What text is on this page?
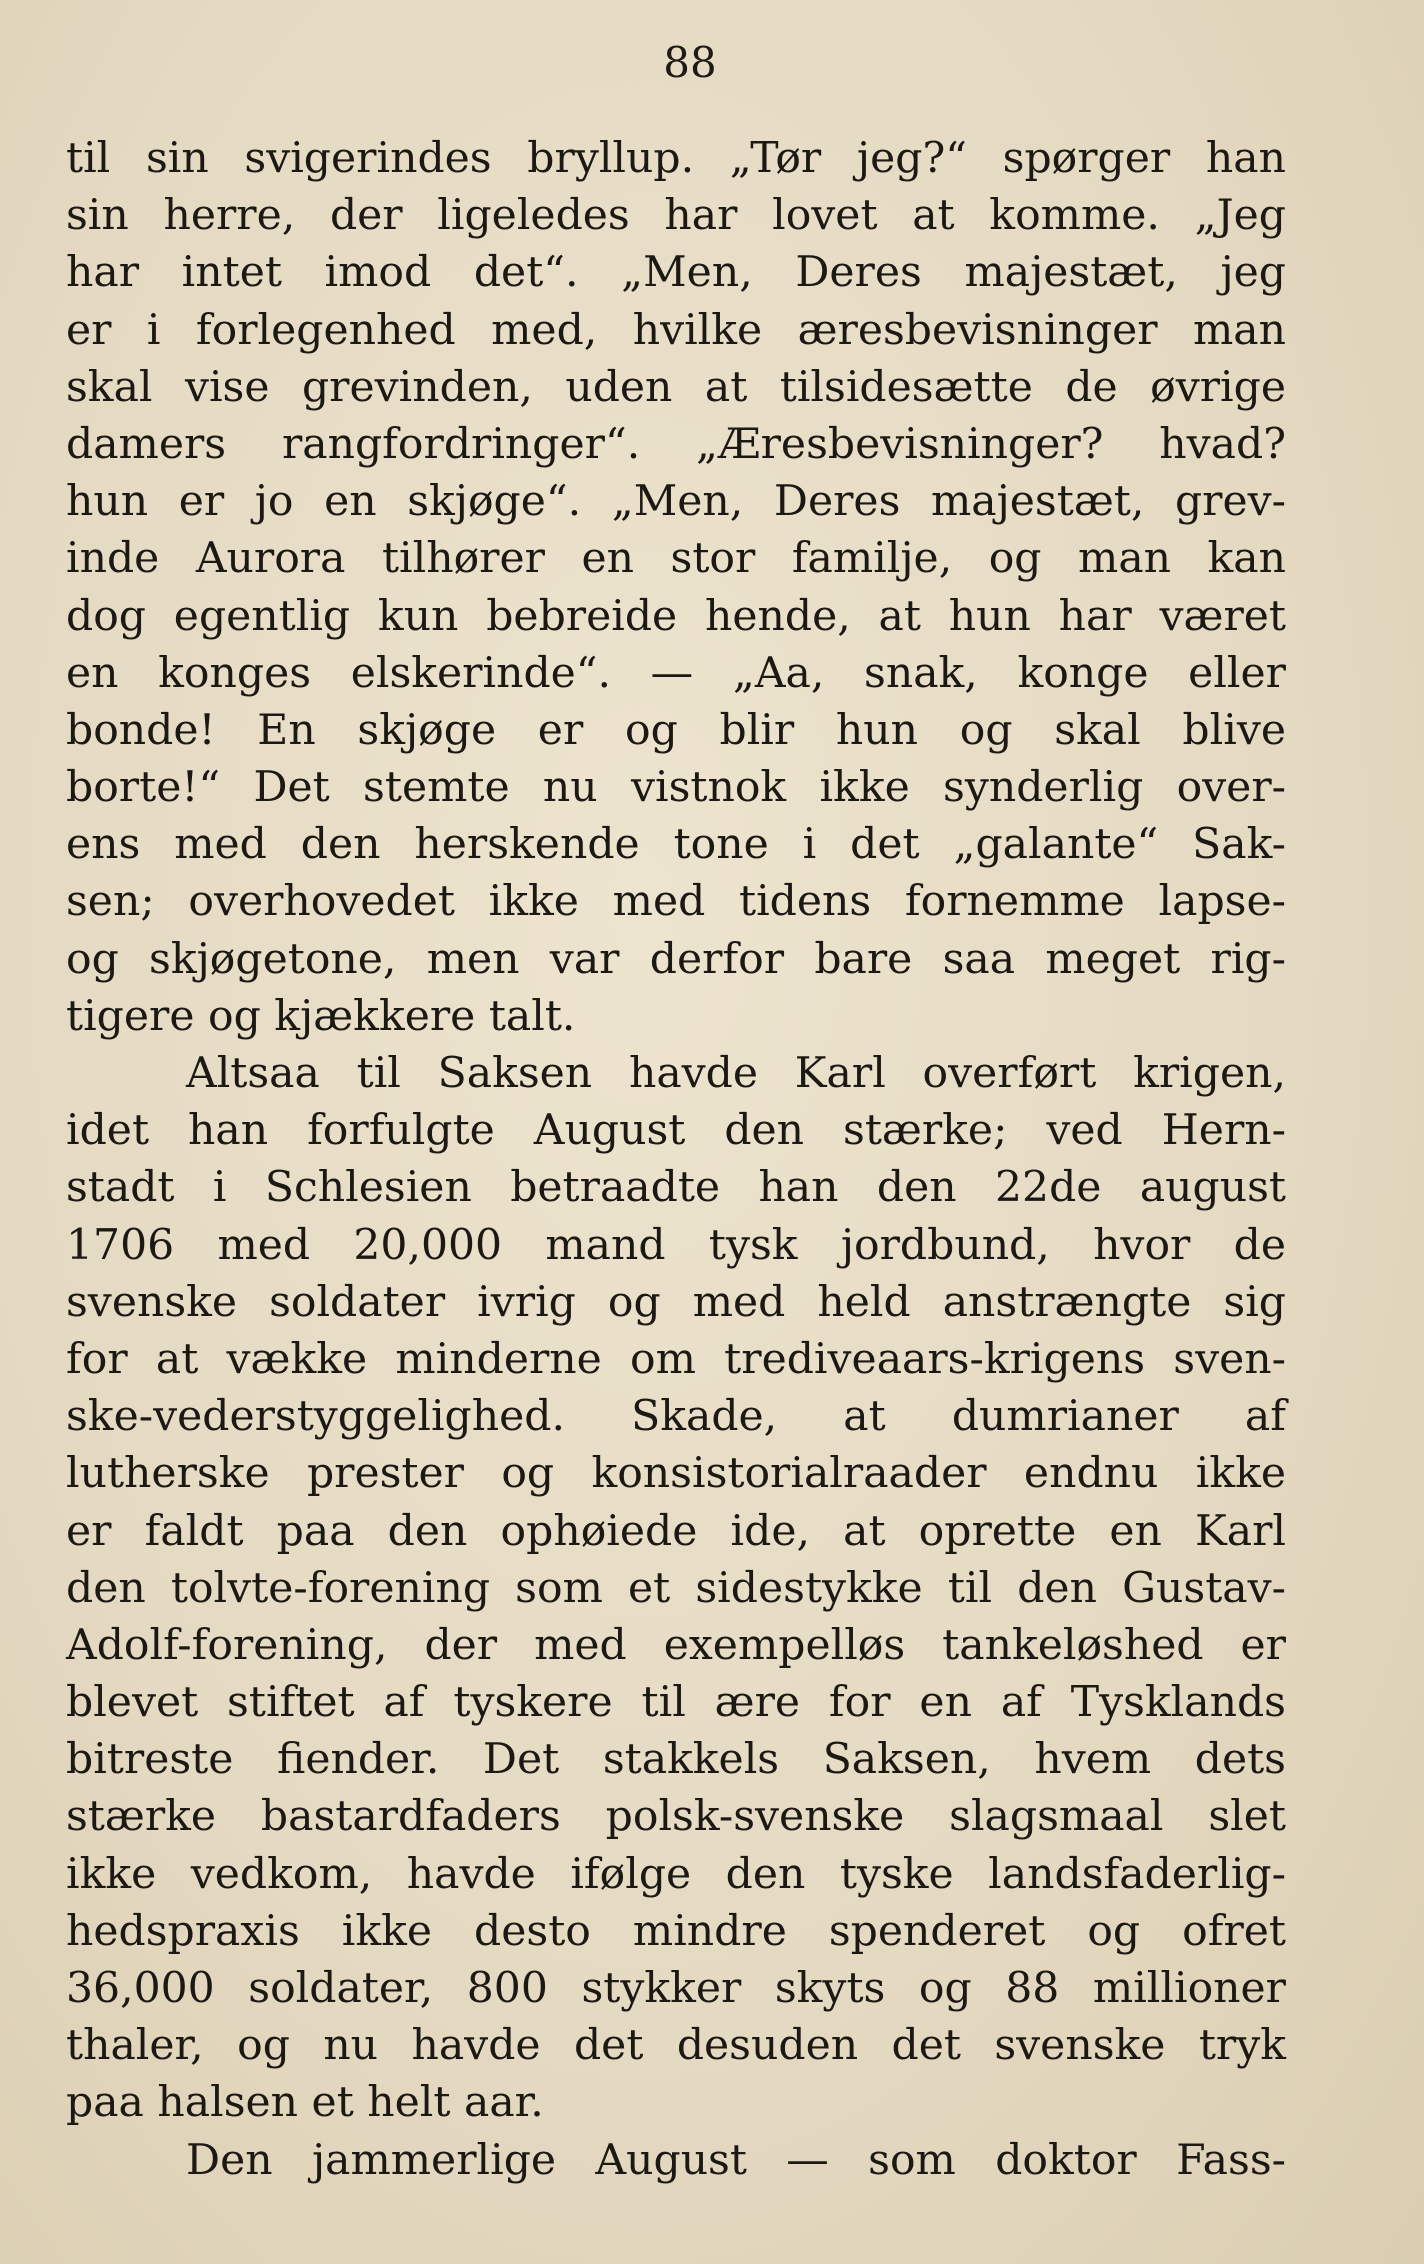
88
til sin svigerindes bryllup. „Tør jeg?“ spørger han
sin herre, der ligeledes har lovet at komme. „Jeg
har intet imod det“. „Men, Deres majestæt, jeg
er i forlegenhed med, hvilke æresbevisninger man
skal vise grevinden, uden at tilsidesætte de øvrige
damers rangfordringer“. „Æresbevisninger? hvad?
hun er jo en skjøge“. „Men, Deres majestæt, grev-
inde Aurora tilhører en stor familje, og man kan
dog egentlig kun bebreide hende, at hun har været
en konges elskerinde“. — „Aa, snak, konge eller
bonde! En skjøge er og blir hun og skal blive
borte!“ Det stemte nu vistnok ikke synderlig over-
ens med den herskende tone i det „galante“ Sak-
sen; overhovedet ikke med tidens fornemme lapse-
og skjøgetone, men var derfor bare saa meget rig-
tigere og kjækkere talt.
Altsaa til Saksen havde Karl overført krigen,
idet han forfulgte August den stærke; ved Hern-
stadt i Schlesien betraadte han den 22de august
1706 med 20,000 mand tysk jordbund, hvor de
svenske soldater ivrig og med held anstrængte sig
for at vække minderne om trediveaars-krigens sven-
ske-vederstyggelighed. Skade, at dumrianer af
lutherske prester og konsistorialraader endnu ikke
er faldt paa den ophøiede ide, at oprette en Karl
den tolvte-forening som et sidestykke til den Gustav-
Adolf-forening, der med exempelløs tankeløshed er
blevet stiftet af tyskere til ære for en af Tysklands
bitreste fiender. Det stakkels Saksen, hvem dets
stærke bastardfaders polsk-svenske slagsmaal slet
ikke vedkom, havde ifølge den tyske landsfaderlig-
hedspraxis ikke desto mindre spenderet og ofret
36,000 soldater, 800 stykker skyts og 88 millioner
thaler, og nu havde det desuden det svenske tryk
paa halsen et helt aar.
Den jammerlige August — som doktor Fass-
